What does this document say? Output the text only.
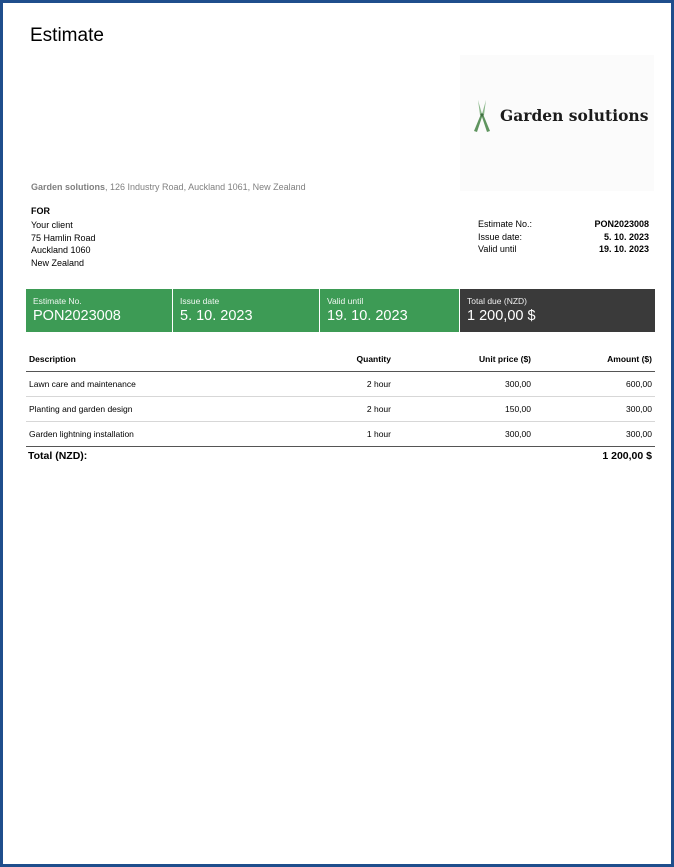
Estimate
Garden solutions
Garden solutions, 126 Industry Road, Auckland 1061, New Zealand
FOR
Your client
75 Hamlin Road
Auckland 1060
New Zealand
Estimate No.:	PON2023008
Issue date:	5. 10. 2023
Valid until	19. 10. 2023
Estimate No.
PON2023008
Issue date
5. 10. 2023
Valid until
19. 10. 2023
Total due (NZD)
1 200,00 $
Description	Quantity	Unit price ($)	Amount ($)
Lawn care and maintenance	2 hour	300,00	600,00
Planting and garden design	2 hour	150,00	300,00
Garden lightning installation	1 hour	300,00	300,00
Total (NZD):	1 200,00 $
